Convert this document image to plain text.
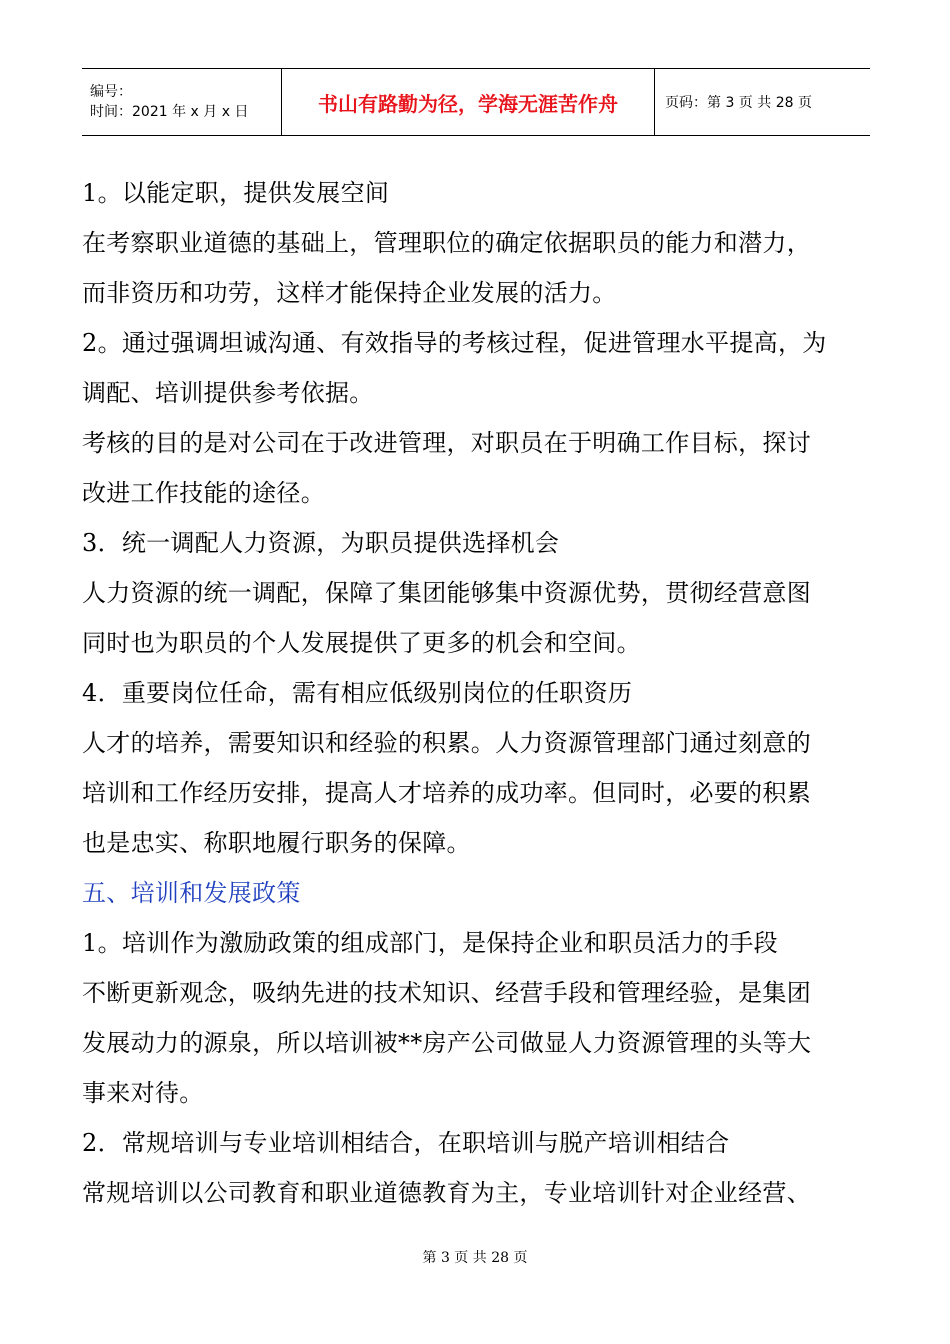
编号：
时间：2021 年 x 月 x 日	书山有路勤为径，学海无涯苦作舟	页码：第 3 页 共 28 页
1。以能定职，提供发展空间
在考察职业道德的基础上，管理职位的确定依据职员的能力和潜力，
而非资历和功劳，这样才能保持企业发展的活力。
2。通过强调坦诚沟通、有效指导的考核过程，促进管理水平提高，为
调配、培训提供参考依据。
考核的目的是对公司在于改进管理，对职员在于明确工作目标，探讨
改进工作技能的途径。
3．统一调配人力资源，为职员提供选择机会
人力资源的统一调配，保障了集团能够集中资源优势，贯彻经营意图
同时也为职员的个人发展提供了更多的机会和空间。
4．重要岗位任命，需有相应低级别岗位的任职资历
人才的培养，需要知识和经验的积累。人力资源管理部门通过刻意的
培训和工作经历安排，提高人才培养的成功率。但同时，必要的积累
也是忠实、称职地履行职务的保障。
五、培训和发展政策
1。培训作为激励政策的组成部门，是保持企业和职员活力的手段
不断更新观念，吸纳先进的技术知识、经营手段和管理经验，是集团
发展动力的源泉，所以培训被**房产公司做显人力资源管理的头等大
事来对待。
2．常规培训与专业培训相结合，在职培训与脱产培训相结合
常规培训以公司教育和职业道德教育为主，专业培训针对企业经营、
第 3 页 共 28 页
